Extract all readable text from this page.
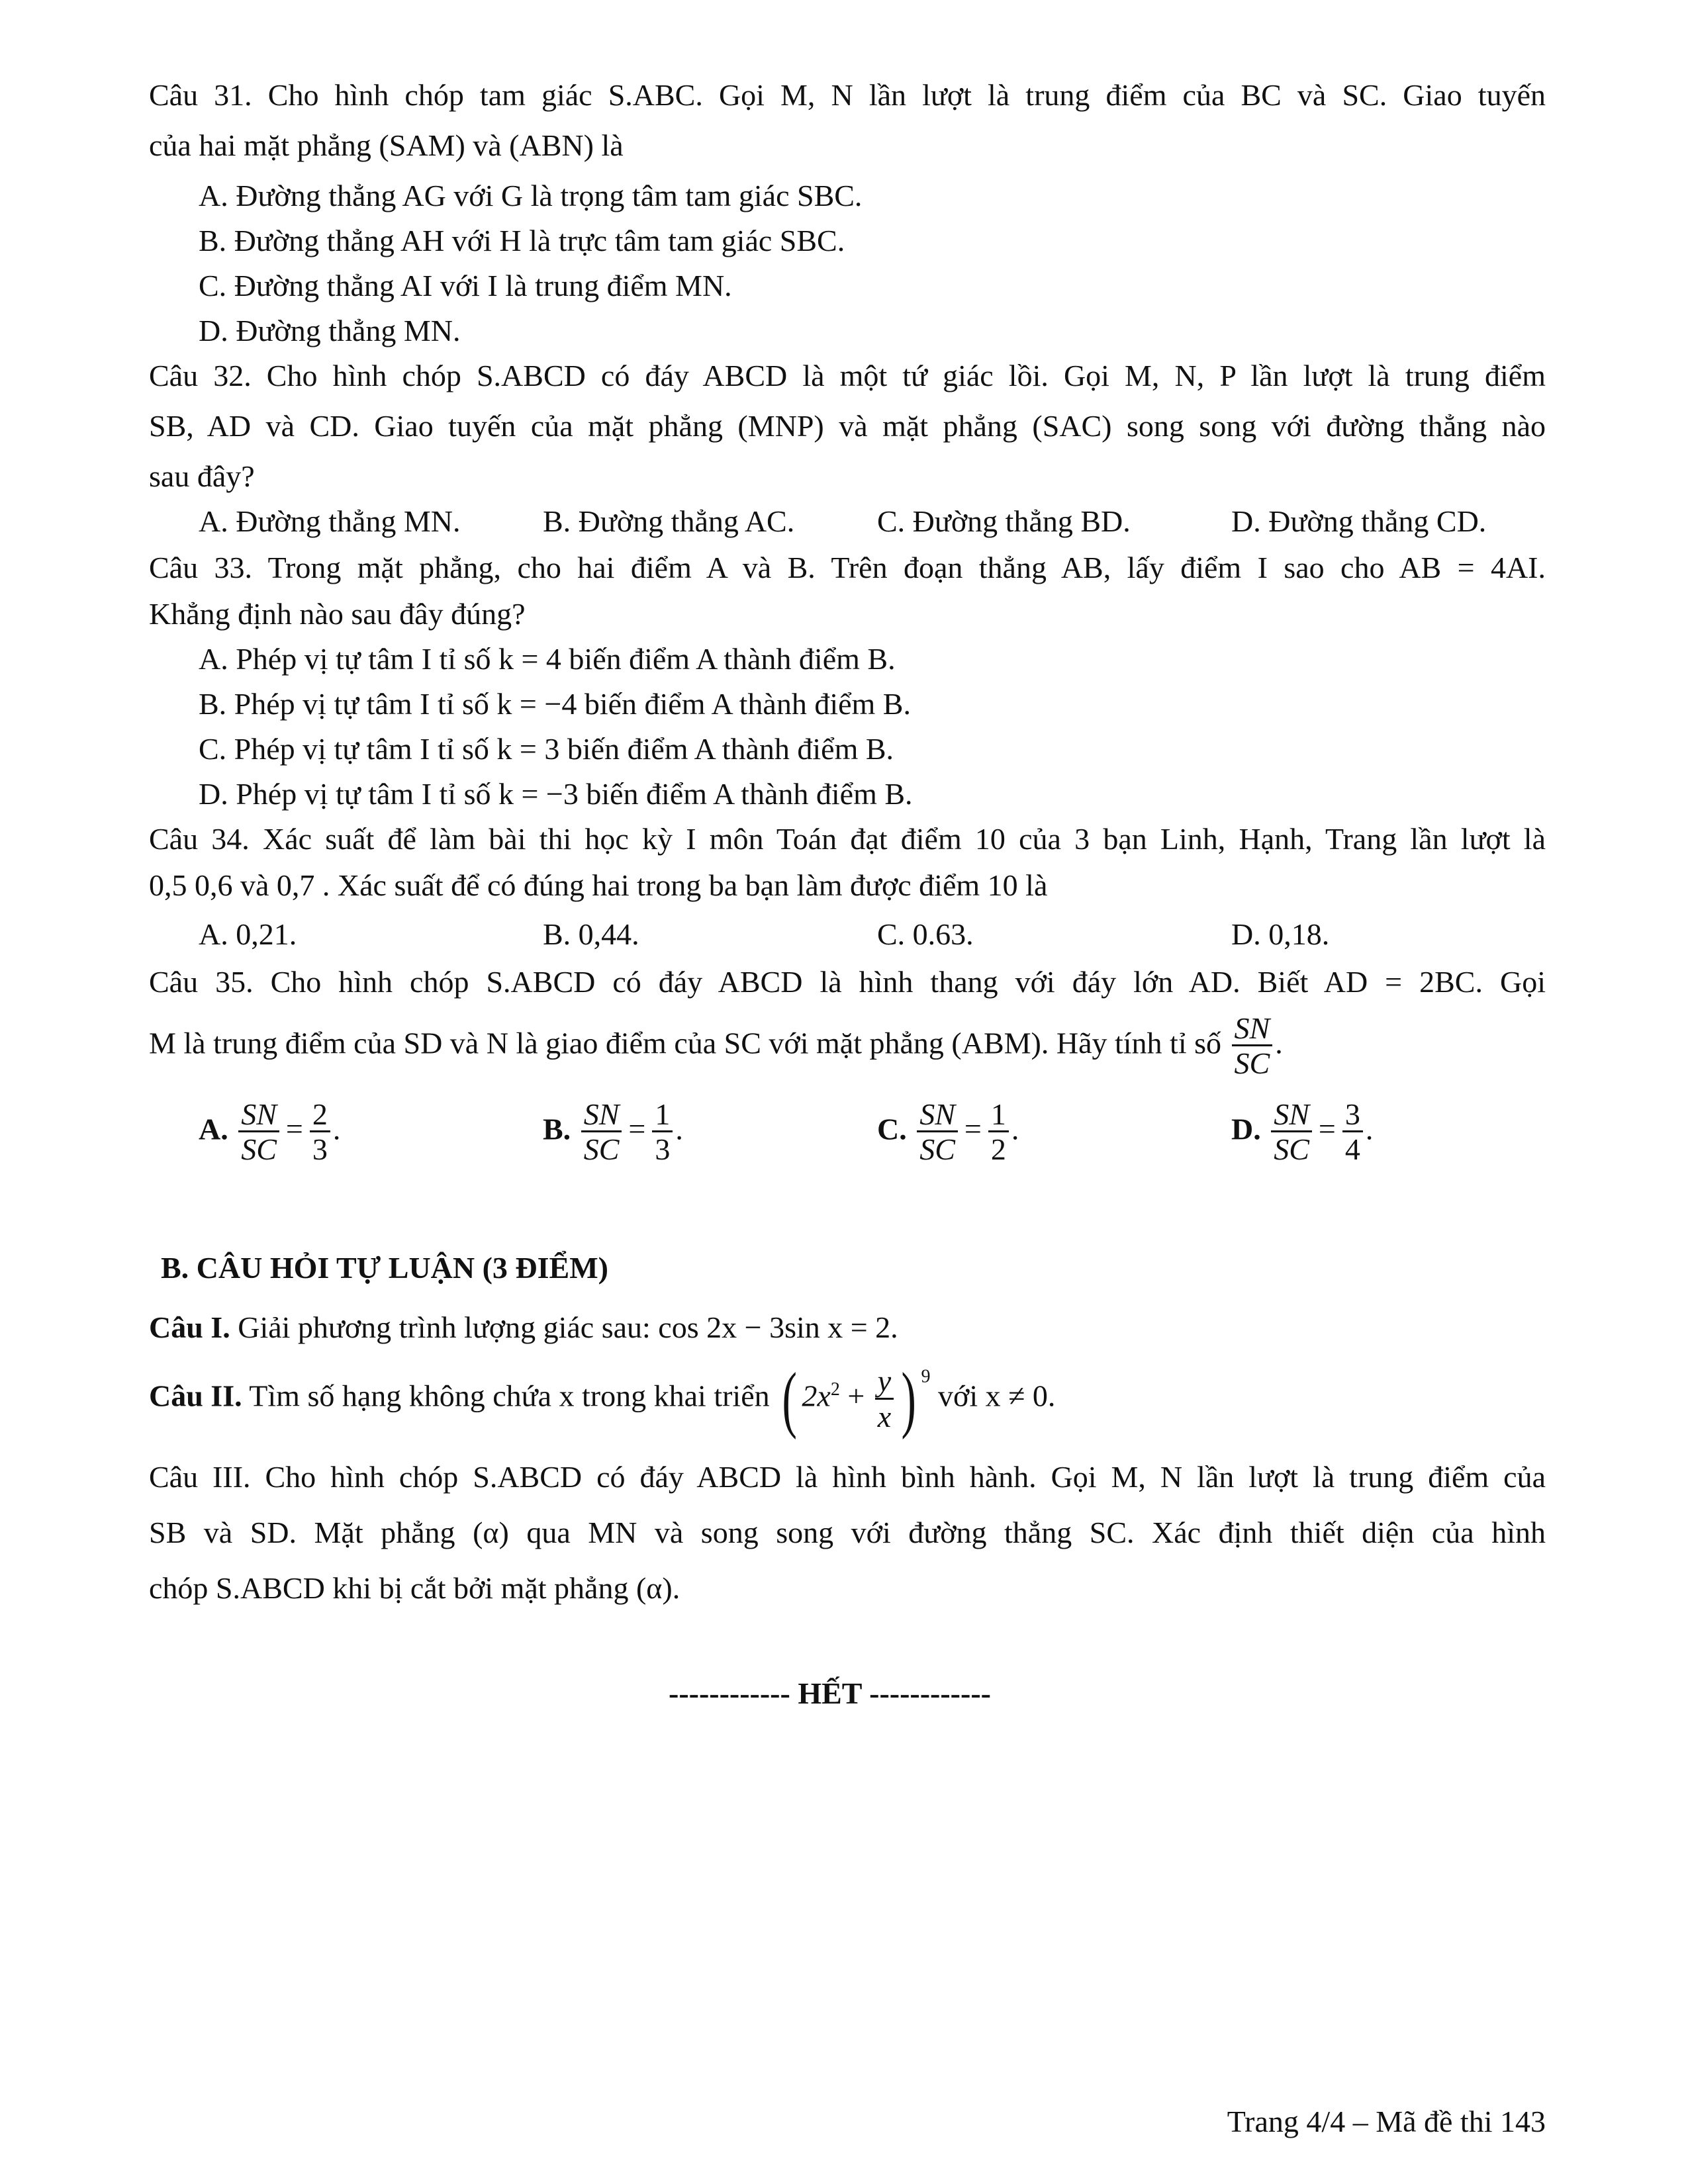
Câu 31. Cho hình chóp tam giác S.ABC. Gọi M, N lần lượt là trung điểm của BC và SC. Giao tuyến
của hai mặt phẳng (SAM) và (ABN) là
A. Đường thẳng AG với G là trọng tâm tam giác SBC.
B. Đường thẳng AH với H là trực tâm tam giác SBC.
C. Đường thẳng AI với I là trung điểm MN.
D. Đường thẳng MN.
Câu 32. Cho hình chóp S.ABCD có đáy ABCD là một tứ giác lồi. Gọi M, N, P lần lượt là trung điểm
SB, AD và CD. Giao tuyến của mặt phẳng (MNP) và mặt phẳng (SAC) song song với đường thẳng nào
sau đây?
A. Đường thẳng MN.	B. Đường thẳng AC.	C. Đường thẳng BD.	D. Đường thẳng CD.
Câu 33. Trong mặt phẳng, cho hai điểm A và B. Trên đoạn thẳng AB, lấy điểm I sao cho AB = 4AI.
Khẳng định nào sau đây đúng?
A. Phép vị tự tâm I tỉ số k = 4 biến điểm A thành điểm B.
B. Phép vị tự tâm I tỉ số k = −4 biến điểm A thành điểm B.
C. Phép vị tự tâm I tỉ số k = 3 biến điểm A thành điểm B.
D. Phép vị tự tâm I tỉ số k = −3 biến điểm A thành điểm B.
Câu 34. Xác suất để làm bài thi học kỳ I môn Toán đạt điểm 10 của 3 bạn Linh, Hạnh, Trang lần lượt là
0,5 0,6 và 0,7 . Xác suất để có đúng hai trong ba bạn làm được điểm 10 là
A. 0,21.	B. 0,44.	C. 0.63.	D. 0,18.
Câu 35. Cho hình chóp S.ABCD có đáy ABCD là hình thang với đáy lớn AD. Biết AD = 2BC. Gọi
M là trung điểm của SD và N là giao điểm của SC với mặt phẳng (ABM). Hãy tính tỉ số $\frac{SN}{SC}$ .
A. $\frac{SN}{SC} = \frac{2}{3}$ .	B. $\frac{SN}{SC} = \frac{1}{3}$ .	C. $\frac{SN}{SC} = \frac{1}{2}$ .	D. $\frac{SN}{SC} = \frac{3}{4}$ .
B. CÂU HỎI TỰ LUẬN (3 ĐIỂM)
Câu I. Giải phương trình lượng giác sau: cos 2x − 3sin x = 2.
Câu II. Tìm số hạng không chứa x trong khai triển ( $2x^2 + \frac{y}{x}$ ) $^9$ với x ≠ 0.
Câu III. Cho hình chóp S.ABCD có đáy ABCD là hình bình hành. Gọi M, N lần lượt là trung điểm của
SB và SD. Mặt phẳng (α) qua MN và song song với đường thẳng SC. Xác định thiết diện của hình
chóp S.ABCD khi bị cắt bởi mặt phẳng (α).
------------ HẾT ------------
Trang 4/4 – Mã đề thi 143
